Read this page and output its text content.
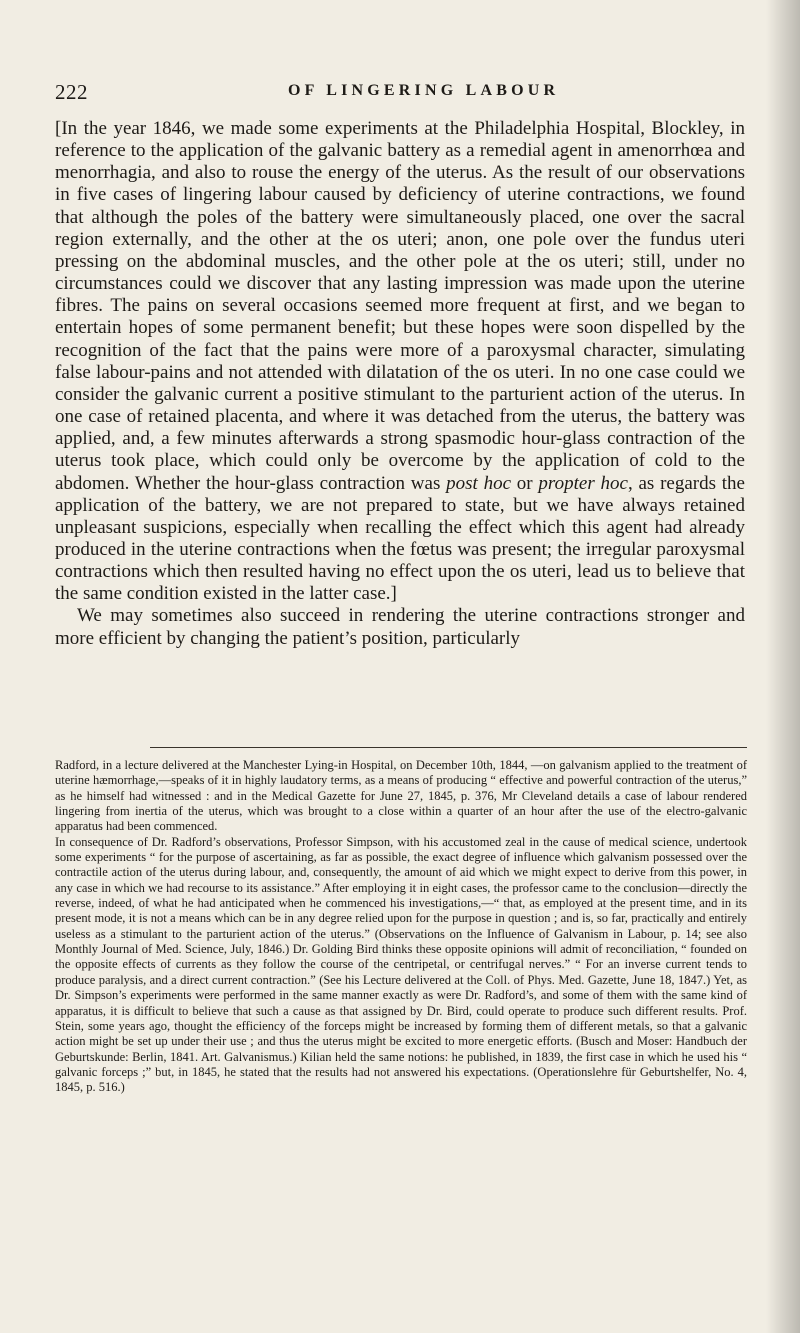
222	OF LINGERING LABOUR

[In the year 1846, we made some experiments at the Philadelphia Hospital, Blockley, in reference to the application of the galvanic battery as a remedial agent in amenorrhœa and menorrhagia, and also to rouse the energy of the uterus. As the result of our observations in five cases of lingering labour caused by deficiency of uterine contractions, we found that although the poles of the battery were simultaneously placed, one over the sacral region externally, and the other at the os uteri; anon, one pole over the fundus uteri pressing on the abdominal muscles, and the other pole at the os uteri; still, under no circumstances could we discover that any lasting impression was made upon the uterine fibres. The pains on several occasions seemed more frequent at first, and we began to entertain hopes of some permanent benefit; but these hopes were soon dispelled by the recognition of the fact that the pains were more of a paroxysmal character, simulating false labour-pains and not attended with dilatation of the os uteri. In no one case could we consider the galvanic current a positive stimulant to the parturient action of the uterus. In one case of retained placenta, and where it was detached from the uterus, the battery was applied, and, a few minutes afterwards a strong spasmodic hour-glass contraction of the uterus took place, which could only be overcome by the application of cold to the abdomen. Whether the hour-glass contraction was post hoc or propter hoc, as regards the application of the battery, we are not prepared to state, but we have always retained unpleasant suspicions, especially when recalling the effect which this agent had already produced in the uterine contractions when the fœtus was present; the irregular paroxysmal contractions which then resulted having no effect upon the os uteri, lead us to believe that the same condition existed in the latter case.]

We may sometimes also succeed in rendering the uterine contractions stronger and more efficient by changing the patient’s position, particularly

Radford, in a lecture delivered at the Manchester Lying-in Hospital, on December 10th, 1844, —on galvanism applied to the treatment of uterine hæmorrhage,—speaks of it in highly laudatory terms, as a means of producing “ effective and powerful contraction of the uterus,” as he himself had witnessed : and in the Medical Gazette for June 27, 1845, p. 376, Mr Cleveland details a case of labour rendered lingering from inertia of the uterus, which was brought to a close within a quarter of an hour after the use of the electro-galvanic apparatus had been commenced.

In consequence of Dr. Radford’s observations, Professor Simpson, with his accustomed zeal in the cause of medical science, undertook some experiments “ for the purpose of ascertaining, as far as possible, the exact degree of influence which galvanism possessed over the contractile action of the uterus during labour, and, consequently, the amount of aid which we might expect to derive from this power, in any case in which we had recourse to its assistance.” After employing it in eight cases, the professor came to the conclusion—directly the reverse, indeed, of what he had anticipated when he commenced his investigations,—“ that, as employed at the present time, and in its present mode, it is not a means which can be in any degree relied upon for the purpose in question ; and is, so far, practically and entirely useless as a stimulant to the parturient action of the uterus.” (Observations on the Influence of Galvanism in Labour, p. 14; see also Monthly Journal of Med. Science, July, 1846.) Dr. Golding Bird thinks these opposite opinions will admit of reconciliation, “ founded on the opposite effects of currents as they follow the course of the centripetal, or centrifugal nerves.” “ For an inverse current tends to produce paralysis, and a direct current contraction.” (See his Lecture delivered at the Coll. of Phys. Med. Gazette, June 18, 1847.) Yet, as Dr. Simpson’s experiments were performed in the same manner exactly as were Dr. Radford’s, and some of them with the same kind of apparatus, it is difficult to believe that such a cause as that assigned by Dr. Bird, could operate to produce such different results. Prof. Stein, some years ago, thought the efficiency of the forceps might be increased by forming them of different metals, so that a galvanic action might be set up under their use ; and thus the uterus might be excited to more energetic efforts. (Busch and Moser: Handbuch der Geburtskunde: Berlin, 1841. Art. Galvanismus.) Kilian held the same notions: he published, in 1839, the first case in which he used his “ galvanic forceps ;” but, in 1845, he stated that the results had not answered his expectations. (Operationslehre für Geburtshelfer, No. 4, 1845, p. 516.)
